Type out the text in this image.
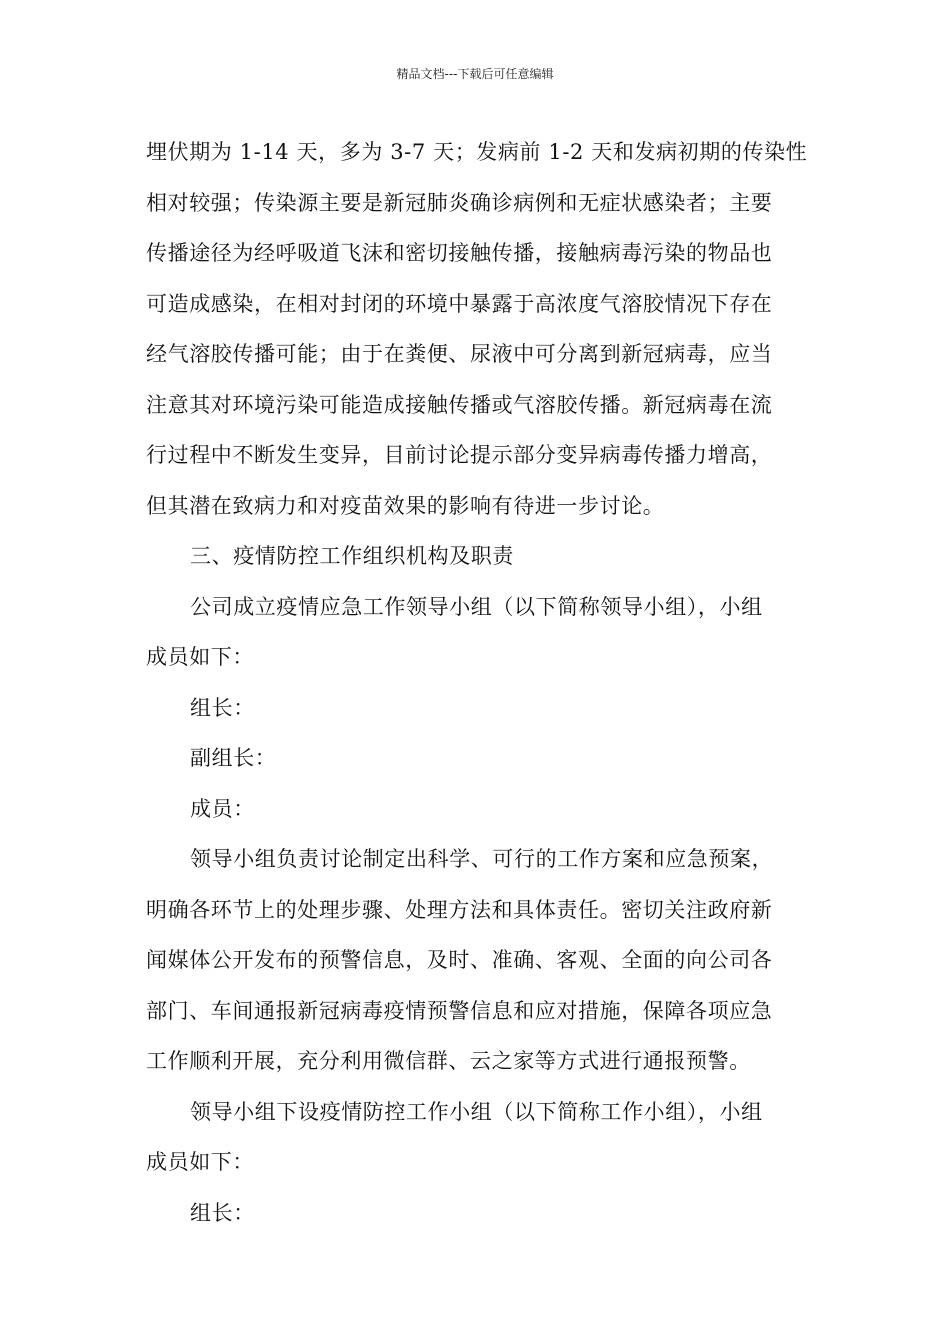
精品文档---下载后可任意编辑

埋伏期为 1-14 天，多为 3-7 天；发病前 1-2 天和发病初期的传染性
相对较强；传染源主要是新冠肺炎确诊病例和无症状感染者；主要
传播途径为经呼吸道飞沫和密切接触传播，接触病毒污染的物品也
可造成感染，在相对封闭的环境中暴露于高浓度气溶胶情况下存在
经气溶胶传播可能；由于在粪便、尿液中可分离到新冠病毒，应当
注意其对环境污染可能造成接触传播或气溶胶传播。新冠病毒在流
行过程中不断发生变异，目前讨论提示部分变异病毒传播力增高，
但其潜在致病力和对疫苗效果的影响有待进一步讨论。

三、疫情防控工作组织机构及职责

公司成立疫情应急工作领导小组（以下简称领导小组），小组
成员如下：

组长：

副组长：

成员：

领导小组负责讨论制定出科学、可行的工作方案和应急预案，
明确各环节上的处理步骤、处理方法和具体责任。密切关注政府新
闻媒体公开发布的预警信息，及时、准确、客观、全面的向公司各
部门、车间通报新冠病毒疫情预警信息和应对措施，保障各项应急
工作顺利开展，充分利用微信群、云之家等方式进行通报预警。

领导小组下设疫情防控工作小组（以下简称工作小组），小组
成员如下：

组长：
